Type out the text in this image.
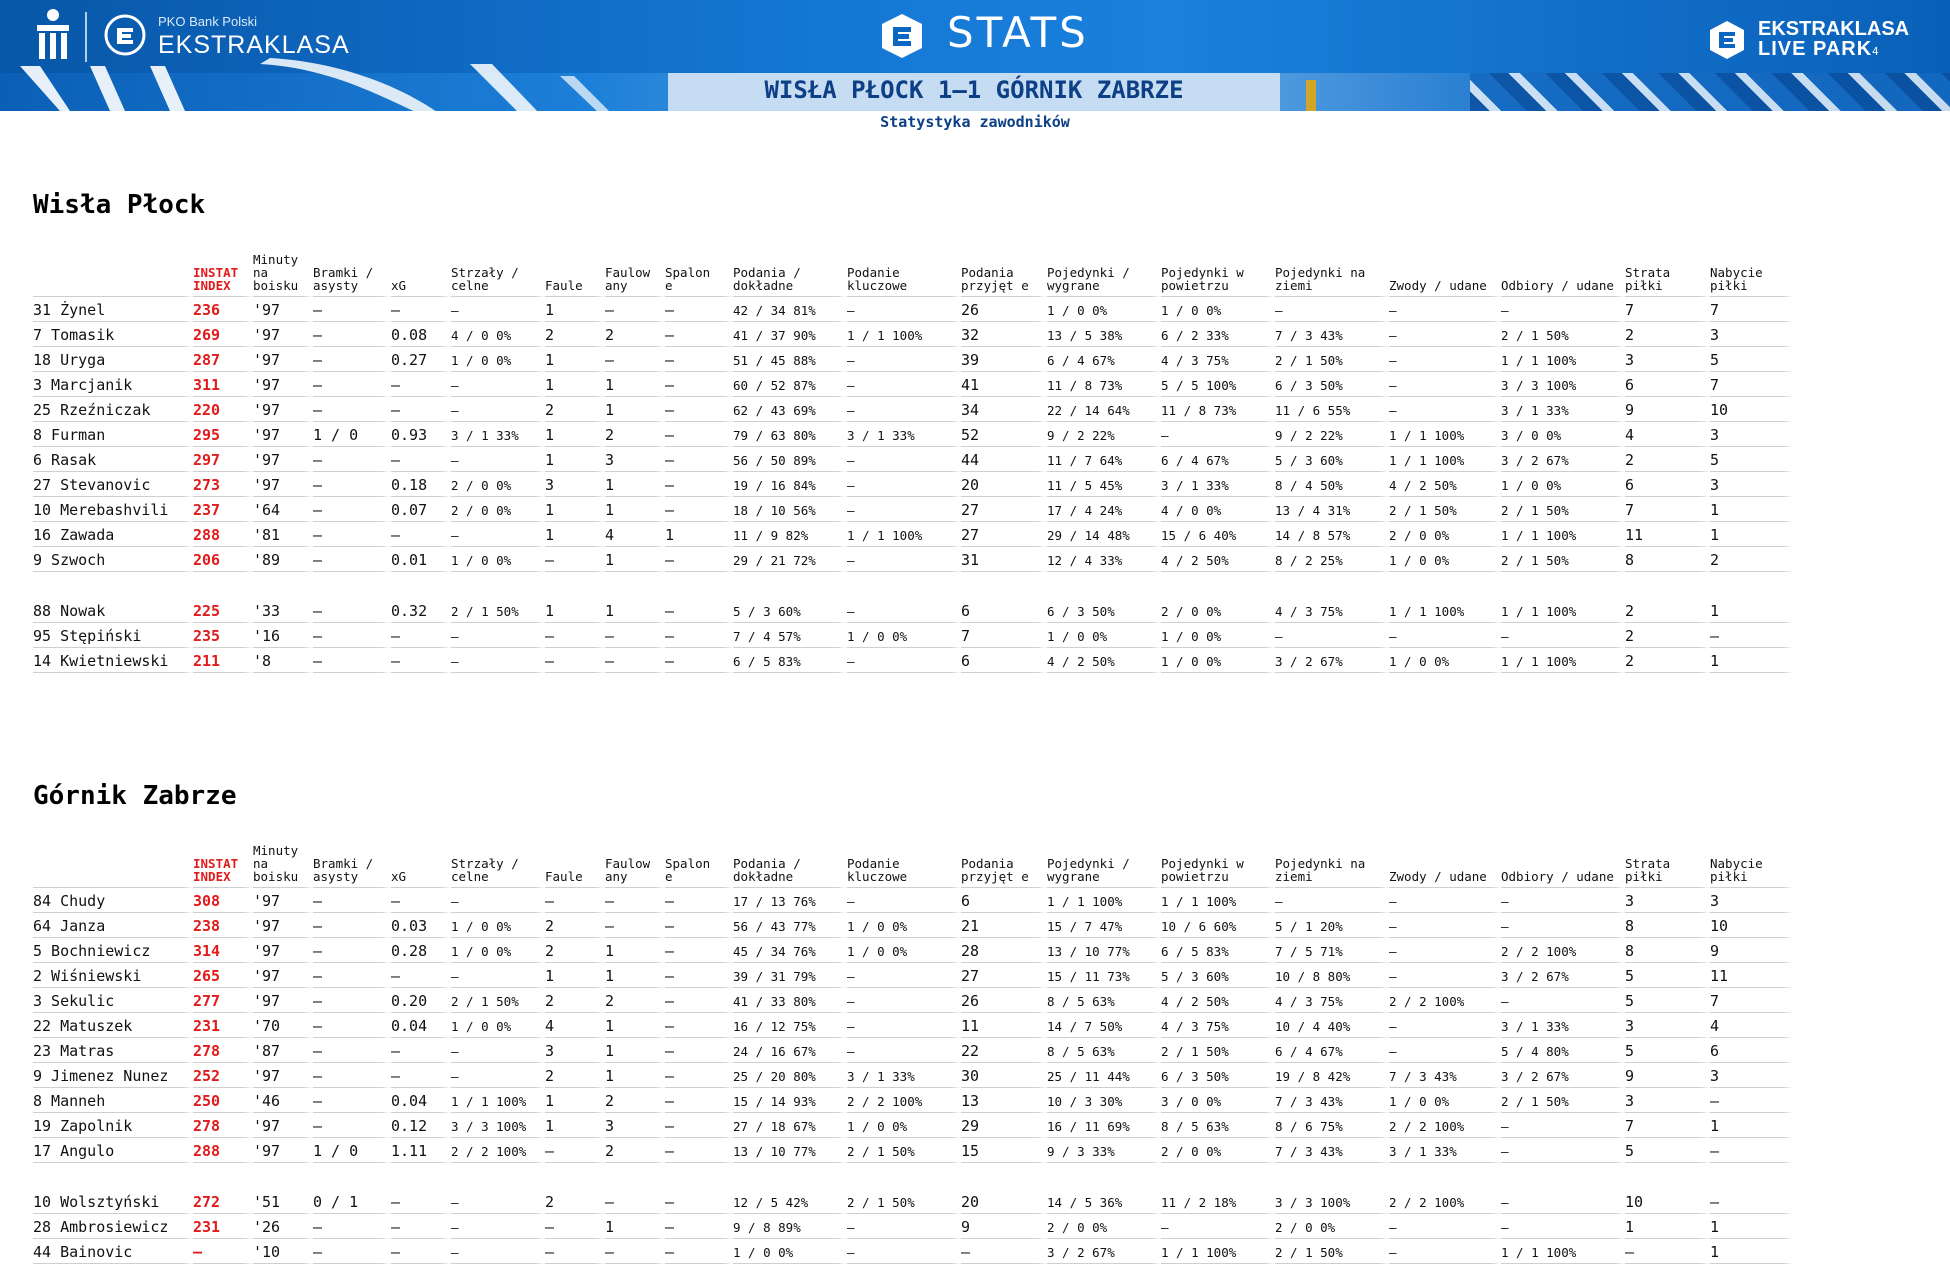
PKO Bank Polski
EKSTRAKLASA	STATS	EKSTRAKLASA
LIVE PARK 4
WISŁA PŁOCK 1–1 GÓRNIK ZABRZE
Statystyka zawodników
Wisła Płock
	INSTAT INDEX	Minuty na boisku	Bramki / asysty	xG	Strzały / celne	Faule	Faulow any	Spalon e	Podania / dokładne	Podanie kluczowe	Podania przyjęt e	Pojedynki / wygrane	Pojedynki w powietrzu	Pojedynki na ziemi	Zwody / udane	Odbiory / udane	Strata piłki	Nabycie piłki
31 Żynel	236	'97	–	–	–	1	–	–	42 / 34 81%	–	26	1 / 0 0%	1 / 0 0%	–	–	–	7	7
7 Tomasik	269	'97	–	0.08	4 / 0 0%	2	2	–	41 / 37 90%	1 / 1 100%	32	13 / 5 38%	6 / 2 33%	7 / 3 43%	–	2 / 1 50%	2	3
18 Uryga	287	'97	–	0.27	1 / 0 0%	1	–	–	51 / 45 88%	–	39	6 / 4 67%	4 / 3 75%	2 / 1 50%	–	1 / 1 100%	3	5
3 Marcjanik	311	'97	–	–	–	1	1	–	60 / 52 87%	–	41	11 / 8 73%	5 / 5 100%	6 / 3 50%	–	3 / 3 100%	6	7
25 Rzeźniczak	220	'97	–	–	–	2	1	–	62 / 43 69%	–	34	22 / 14 64%	11 / 8 73%	11 / 6 55%	–	3 / 1 33%	9	10
8 Furman	295	'97	1 / 0	0.93	3 / 1 33%	1	2	–	79 / 63 80%	3 / 1 33%	52	9 / 2 22%	–	9 / 2 22%	1 / 1 100%	3 / 0 0%	4	3
6 Rasak	297	'97	–	–	–	1	3	–	56 / 50 89%	–	44	11 / 7 64%	6 / 4 67%	5 / 3 60%	1 / 1 100%	3 / 2 67%	2	5
27 Stevanovic	273	'97	–	0.18	2 / 0 0%	3	1	–	19 / 16 84%	–	20	11 / 5 45%	3 / 1 33%	8 / 4 50%	4 / 2 50%	1 / 0 0%	6	3
10 Merebashvili	237	'64	–	0.07	2 / 0 0%	1	1	–	18 / 10 56%	–	27	17 / 4 24%	4 / 0 0%	13 / 4 31%	2 / 1 50%	2 / 1 50%	7	1
16 Zawada	288	'81	–	–	–	1	4	1	11 / 9 82%	1 / 1 100%	27	29 / 14 48%	15 / 6 40%	14 / 8 57%	2 / 0 0%	1 / 1 100%	11	1
9 Szwoch	206	'89	–	0.01	1 / 0 0%	–	1	–	29 / 21 72%	–	31	12 / 4 33%	4 / 2 50%	8 / 2 25%	1 / 0 0%	2 / 1 50%	8	2

88 Nowak	225	'33	–	0.32	2 / 1 50%	1	1	–	5 / 3 60%	–	6	6 / 3 50%	2 / 0 0%	4 / 3 75%	1 / 1 100%	1 / 1 100%	2	1
95 Stępiński	235	'16	–	–	–	–	–	–	7 / 4 57%	1 / 0 0%	7	1 / 0 0%	1 / 0 0%	–	–	–	2	–
14 Kwietniewski	211	'8	–	–	–	–	–	–	6 / 5 83%	–	6	4 / 2 50%	1 / 0 0%	3 / 2 67%	1 / 0 0%	1 / 1 100%	2	1
Górnik Zabrze
	INSTAT INDEX	Minuty na boisku	Bramki / asysty	xG	Strzały / celne	Faule	Faulow any	Spalon e	Podania / dokładne	Podanie kluczowe	Podania przyjęt e	Pojedynki / wygrane	Pojedynki w powietrzu	Pojedynki na ziemi	Zwody / udane	Odbiory / udane	Strata piłki	Nabycie piłki
84 Chudy	308	'97	–	–	–	–	–	–	17 / 13 76%	–	6	1 / 1 100%	1 / 1 100%	–	–	–	3	3
64 Janza	238	'97	–	0.03	1 / 0 0%	2	–	–	56 / 43 77%	1 / 0 0%	21	15 / 7 47%	10 / 6 60%	5 / 1 20%	–	–	8	10
5 Bochniewicz	314	'97	–	0.28	1 / 0 0%	2	1	–	45 / 34 76%	1 / 0 0%	28	13 / 10 77%	6 / 5 83%	7 / 5 71%	–	2 / 2 100%	8	9
2 Wiśniewski	265	'97	–	–	–	1	1	–	39 / 31 79%	–	27	15 / 11 73%	5 / 3 60%	10 / 8 80%	–	3 / 2 67%	5	11
3 Sekulic	277	'97	–	0.20	2 / 1 50%	2	2	–	41 / 33 80%	–	26	8 / 5 63%	4 / 2 50%	4 / 3 75%	2 / 2 100%	–	5	7
22 Matuszek	231	'70	–	0.04	1 / 0 0%	4	1	–	16 / 12 75%	–	11	14 / 7 50%	4 / 3 75%	10 / 4 40%	–	3 / 1 33%	3	4
23 Matras	278	'87	–	–	–	3	1	–	24 / 16 67%	–	22	8 / 5 63%	2 / 1 50%	6 / 4 67%	–	5 / 4 80%	5	6
9 Jimenez Nunez	252	'97	–	–	–	2	1	–	25 / 20 80%	3 / 1 33%	30	25 / 11 44%	6 / 3 50%	19 / 8 42%	7 / 3 43%	3 / 2 67%	9	3
8 Manneh	250	'46	–	0.04	1 / 1 100%	1	2	–	15 / 14 93%	2 / 2 100%	13	10 / 3 30%	3 / 0 0%	7 / 3 43%	1 / 0 0%	2 / 1 50%	3	–
19 Zapolnik	278	'97	–	0.12	3 / 3 100%	1	3	–	27 / 18 67%	1 / 0 0%	29	16 / 11 69%	8 / 5 63%	8 / 6 75%	2 / 2 100%	–	7	1
17 Angulo	288	'97	1 / 0	1.11	2 / 2 100%	–	2	–	13 / 10 77%	2 / 1 50%	15	9 / 3 33%	2 / 0 0%	7 / 3 43%	3 / 1 33%	–	5	–

10 Wolsztyński	272	'51	0 / 1	–	–	2	–	–	12 / 5 42%	2 / 1 50%	20	14 / 5 36%	11 / 2 18%	3 / 3 100%	2 / 2 100%	–	10	–
28 Ambrosiewicz	231	'26	–	–	–	–	1	–	9 / 8 89%	–	9	2 / 0 0%	–	2 / 0 0%	–	–	1	1
44 Bainovic	–	'10	–	–	–	–	–	–	1 / 0 0%	–	–	3 / 2 67%	1 / 1 100%	2 / 1 50%	–	1 / 1 100%	–	1
